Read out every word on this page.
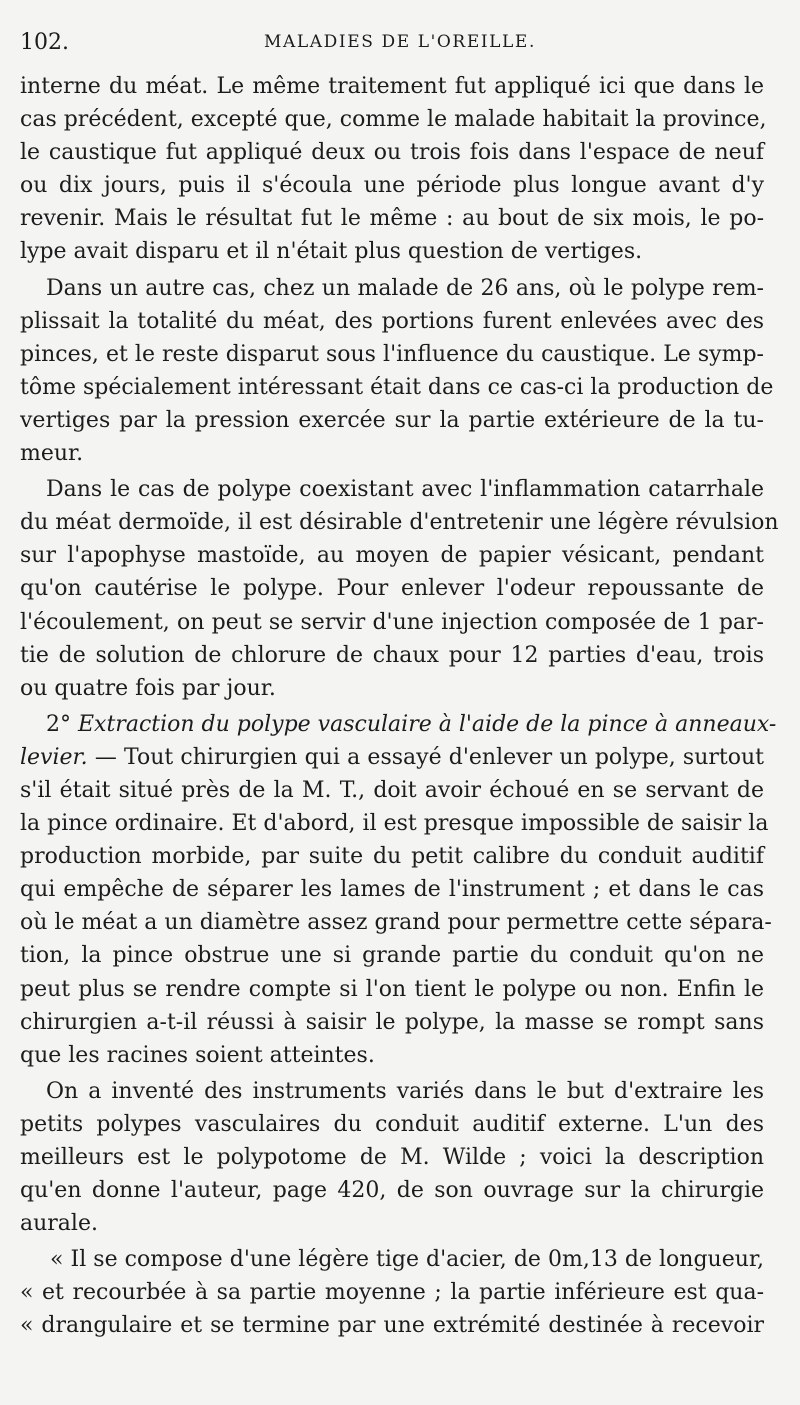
102.	MALADIES DE L'OREILLE.
interne du méat. Le même traitement fut appliqué ici que dans le
cas précédent, excepté que, comme le malade habitait la province,
le caustique fut appliqué deux ou trois fois dans l'espace de neuf
ou dix jours, puis il s'écoula une période plus longue avant d'y
revenir. Mais le résultat fut le même : au bout de six mois, le po-
lype avait disparu et il n'était plus question de vertiges.
Dans un autre cas, chez un malade de 26 ans, où le polype rem-
plissait la totalité du méat, des portions furent enlevées avec des
pinces, et le reste disparut sous l'influence du caustique. Le symp-
tôme spécialement intéressant était dans ce cas-ci la production de
vertiges par la pression exercée sur la partie extérieure de la tu-
meur.
Dans le cas de polype coexistant avec l'inflammation catarrhale
du méat dermoïde, il est désirable d'entretenir une légère révulsion
sur l'apophyse mastoïde, au moyen de papier vésicant, pendant
qu'on cautérise le polype. Pour enlever l'odeur repoussante de
l'écoulement, on peut se servir d'une injection composée de 1 par-
tie de solution de chlorure de chaux pour 12 parties d'eau, trois
ou quatre fois par jour.
2° Extraction du polype vasculaire à l'aide de la pince à anneaux-
levier. — Tout chirurgien qui a essayé d'enlever un polype, surtout
s'il était situé près de la M. T., doit avoir échoué en se servant de
la pince ordinaire. Et d'abord, il est presque impossible de saisir la
production morbide, par suite du petit calibre du conduit auditif
qui empêche de séparer les lames de l'instrument ; et dans le cas
où le méat a un diamètre assez grand pour permettre cette sépara-
tion, la pince obstrue une si grande partie du conduit qu'on ne
peut plus se rendre compte si l'on tient le polype ou non. Enfin le
chirurgien a-t-il réussi à saisir le polype, la masse se rompt sans
que les racines soient atteintes.
On a inventé des instruments variés dans le but d'extraire les
petits polypes vasculaires du conduit auditif externe. L'un des
meilleurs est le polypotome de M. Wilde ; voici la description
qu'en donne l'auteur, page 420, de son ouvrage sur la chirurgie
aurale.
« Il se compose d'une légère tige d'acier, de 0m,13 de longueur,
« et recourbée à sa partie moyenne ; la partie inférieure est qua-
« drangulaire et se termine par une extrémité destinée à recevoir
